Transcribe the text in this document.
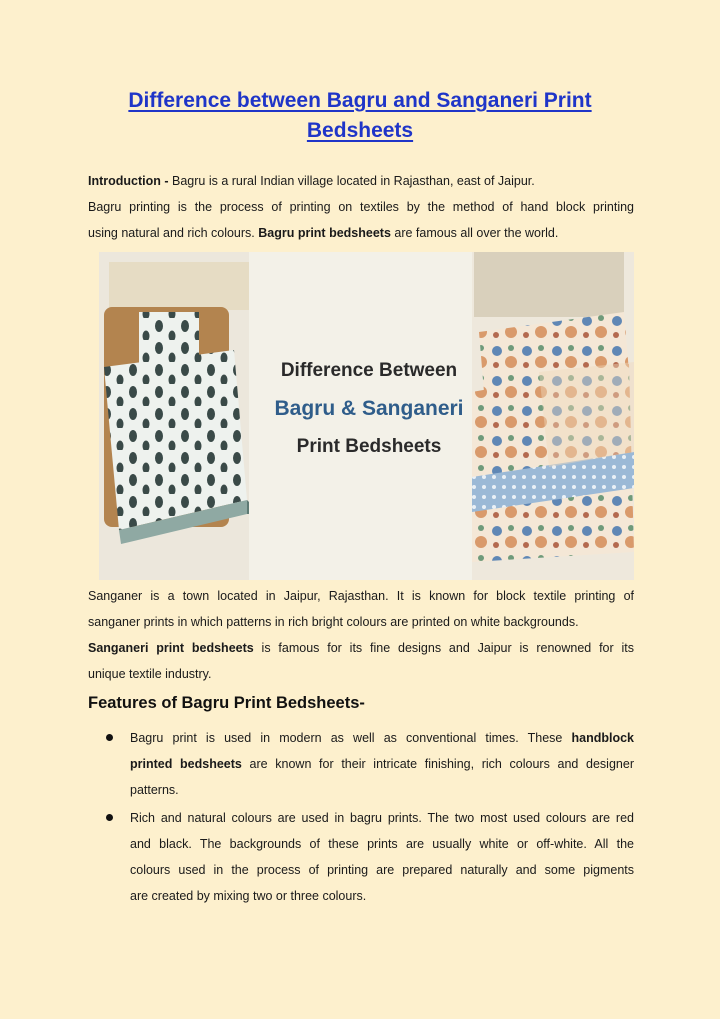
Difference between Bagru and Sanganeri Print
Bedsheets
Introduction - Bagru is a rural Indian village located in Rajasthan, east of Jaipur.
Bagru printing is the process of printing on textiles by the method of hand block printing
using natural and rich colours. Bagru print bedsheets are famous all over the world.
Difference Between
Bagru & Sanganeri
Print Bedsheets
Sanganer is a town located in Jaipur, Rajasthan. It is known for block textile printing of
sanganer prints in which patterns in rich bright colours are printed on white backgrounds.
Sanganeri print bedsheets is famous for its fine designs and Jaipur is renowned for its
unique textile industry.
Features of Bagru Print Bedsheets-
Bagru print is used in modern as well as conventional times. These handblock
printed bedsheets are known for their intricate finishing, rich colours and designer
patterns.
Rich and natural colours are used in bagru prints. The two most used colours are red
and black. The backgrounds of these prints are usually white or off-white. All the
colours used in the process of printing are prepared naturally and some pigments
are created by mixing two or three colours.
